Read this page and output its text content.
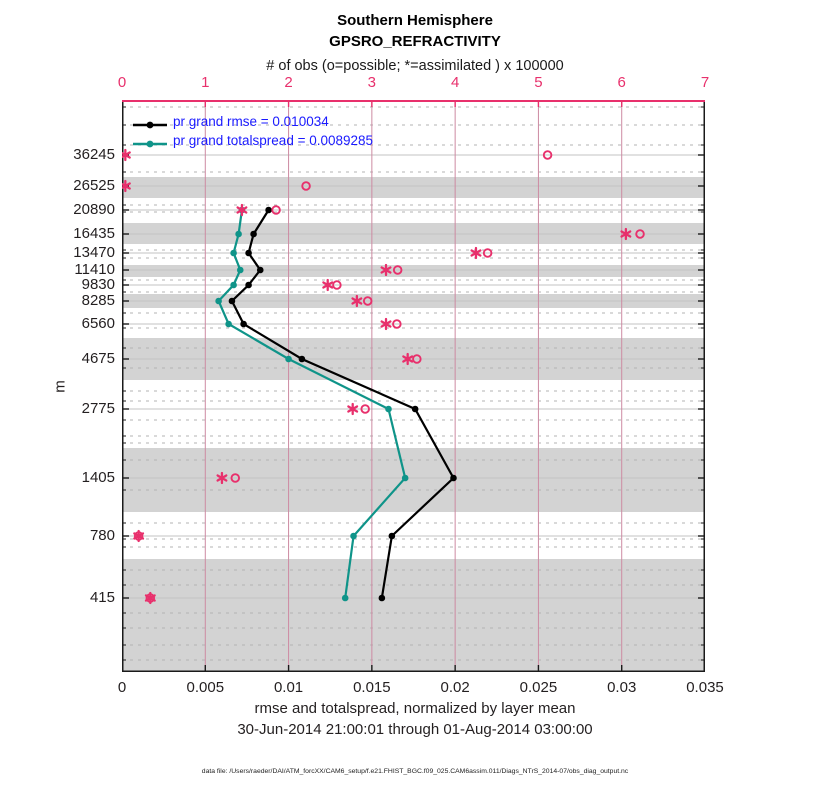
Southern Hemisphere
GPSRO_REFRACTIVITY
# of obs (o=possible; *=assimilated ) x 100000
0	1	2	3	4	5	6	7
36245
26525
20890
16435
13470
11410
9830
8285
6560
4675
2775
1405
780
415
m
pr grand rmse = 0.010034
pr grand totalspread = 0.0089285
0	0.005	0.01	0.015	0.02	0.025	0.03	0.035
rmse and totalspread, normalized by layer mean
30-Jun-2014 21:00:01 through 01-Aug-2014 03:00:00
data file: /Users/raeder/DAI/ATM_forcXX/CAM6_setup/f.e21.FHIST_BGC.f09_025.CAM6assim.011/Diags_NTrS_2014-07/obs_diag_output.nc
